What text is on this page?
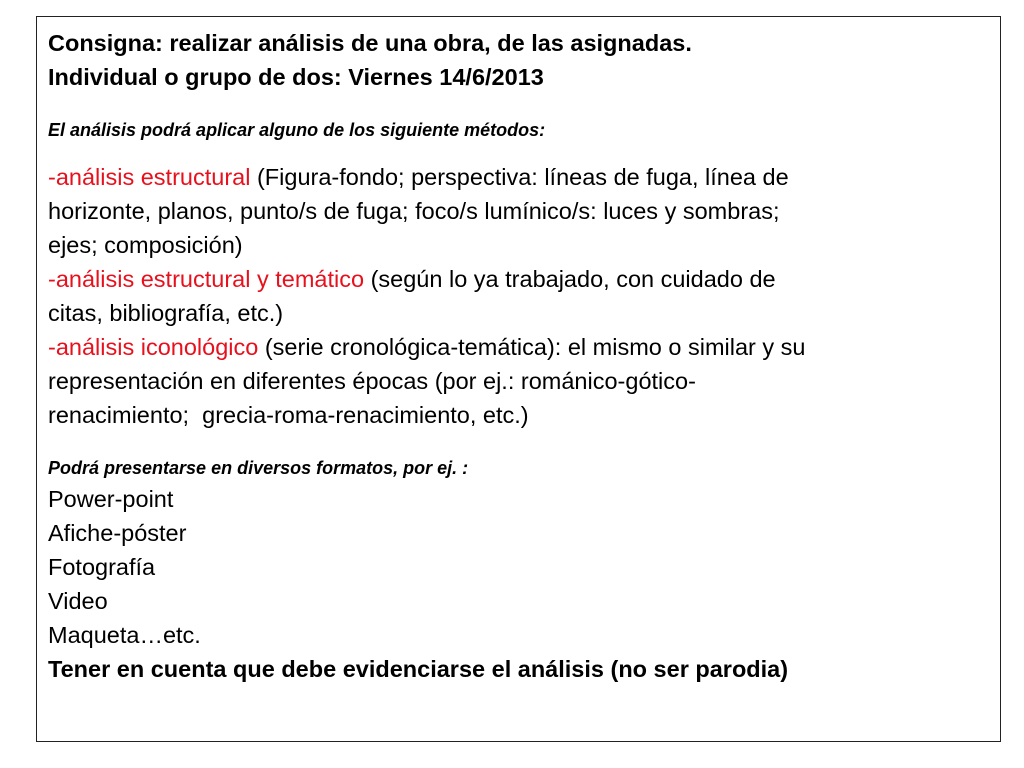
Consigna: realizar análisis de una obra, de las asignadas.
Individual o grupo de dos: Viernes 14/6/2013
El análisis podrá aplicar alguno de los siguiente métodos:
-análisis estructural (Figura-fondo; perspectiva: líneas de fuga, línea de
horizonte, planos, punto/s de fuga; foco/s lumínico/s: luces y sombras;
ejes; composición)
-análisis estructural y temático (según lo ya trabajado, con cuidado de
citas, bibliografía, etc.)
-análisis iconológico (serie cronológica-temática): el mismo o similar y su
representación en diferentes épocas (por ej.: románico-gótico-
renacimiento;  grecia-roma-renacimiento, etc.)
Podrá presentarse en diversos formatos, por ej. :
Power-point
Afiche-póster
Fotografía
Video
Maqueta…etc.
Tener en cuenta que debe evidenciarse el análisis (no ser parodia)
